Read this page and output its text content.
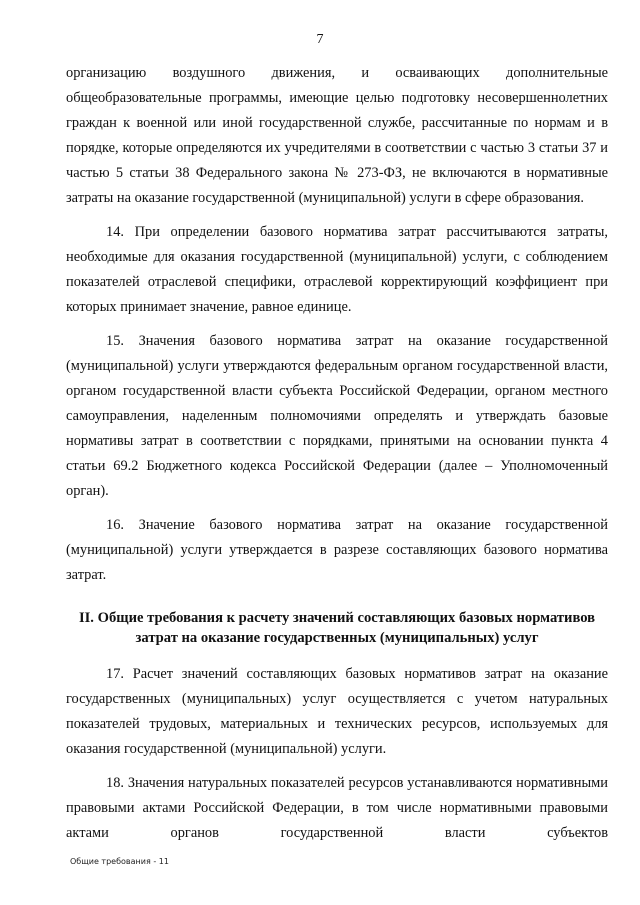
7

организацию воздушного движения, и осваивающих дополнительные общеобразовательные программы, имеющие целью подготовку несовершеннолетних граждан к военной или иной государственной службе, рассчитанные по нормам и в порядке, которые определяются их учредителями в соответствии с частью 3 статьи 37 и частью 5 статьи 38 Федерального закона № 273-ФЗ, не включаются в нормативные затраты на оказание государственной (муниципальной) услуги в сфере образования.

14. При определении базового норматива затрат рассчитываются затраты, необходимые для оказания государственной (муниципальной) услуги, с соблюдением показателей отраслевой специфики, отраслевой корректирующий коэффициент при которых принимает значение, равное единице.

15. Значения базового норматива затрат на оказание государственной (муниципальной) услуги утверждаются федеральным органом государственной власти, органом государственной власти субъекта Российской Федерации, органом местного самоуправления, наделенным полномочиями определять и утверждать базовые нормативы затрат в соответствии с порядками, принятыми на основании пункта 4 статьи 69.2 Бюджетного кодекса Российской Федерации (далее – Уполномоченный орган).

16. Значение базового норматива затрат на оказание государственной (муниципальной) услуги утверждается в разрезе составляющих базового норматива затрат.

II. Общие требования к расчету значений составляющих базовых нормативов затрат на оказание государственных (муниципальных) услуг

17. Расчет значений составляющих базовых нормативов затрат на оказание государственных (муниципальных) услуг осуществляется с учетом натуральных показателей трудовых, материальных и технических ресурсов, используемых для оказания государственной (муниципальной) услуги.

18. Значения натуральных показателей ресурсов устанавливаются нормативными правовыми актами Российской Федерации, в том числе нормативными правовыми актами органов государственной власти субъектов

Общие требования - 11
